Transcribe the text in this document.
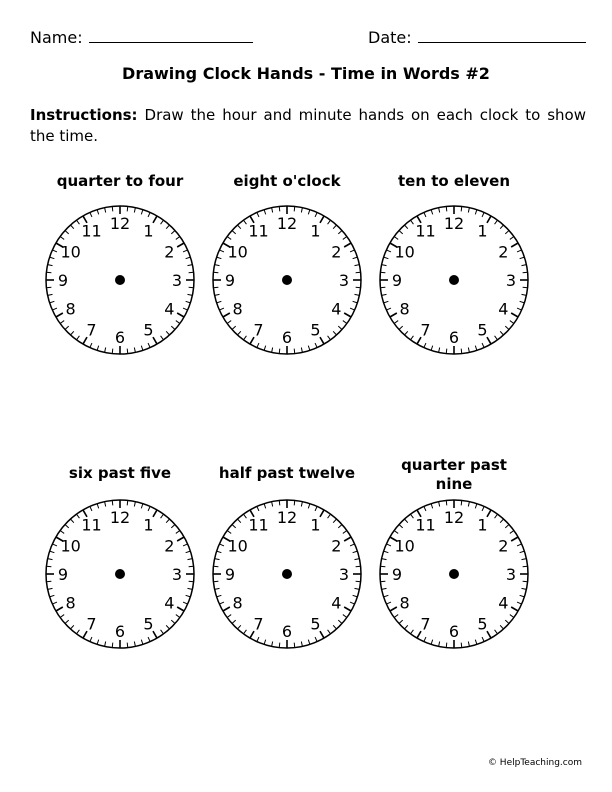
Name:	Date:
Drawing Clock Hands - Time in Words #2
Instructions: Draw the hour and minute hands on each clock to show the time.
quarter to four
12 1
2
3
4
5
6
7
8
9
10
11
eight o'clock
12 1
2
3
4
5
6
7
8
9
10
11
ten to eleven
12 1
2
3
4
5
6
7
8
9
10
11
six past five
12 1
2
3
4
5
6
7
8
9
10
11
half past twelve
12 1
2
3
4
5
6
7
8
9
10
11
quarter past nine
12 1
2
3
4
5
6
7
8
9
10
11
© HelpTeaching.com
